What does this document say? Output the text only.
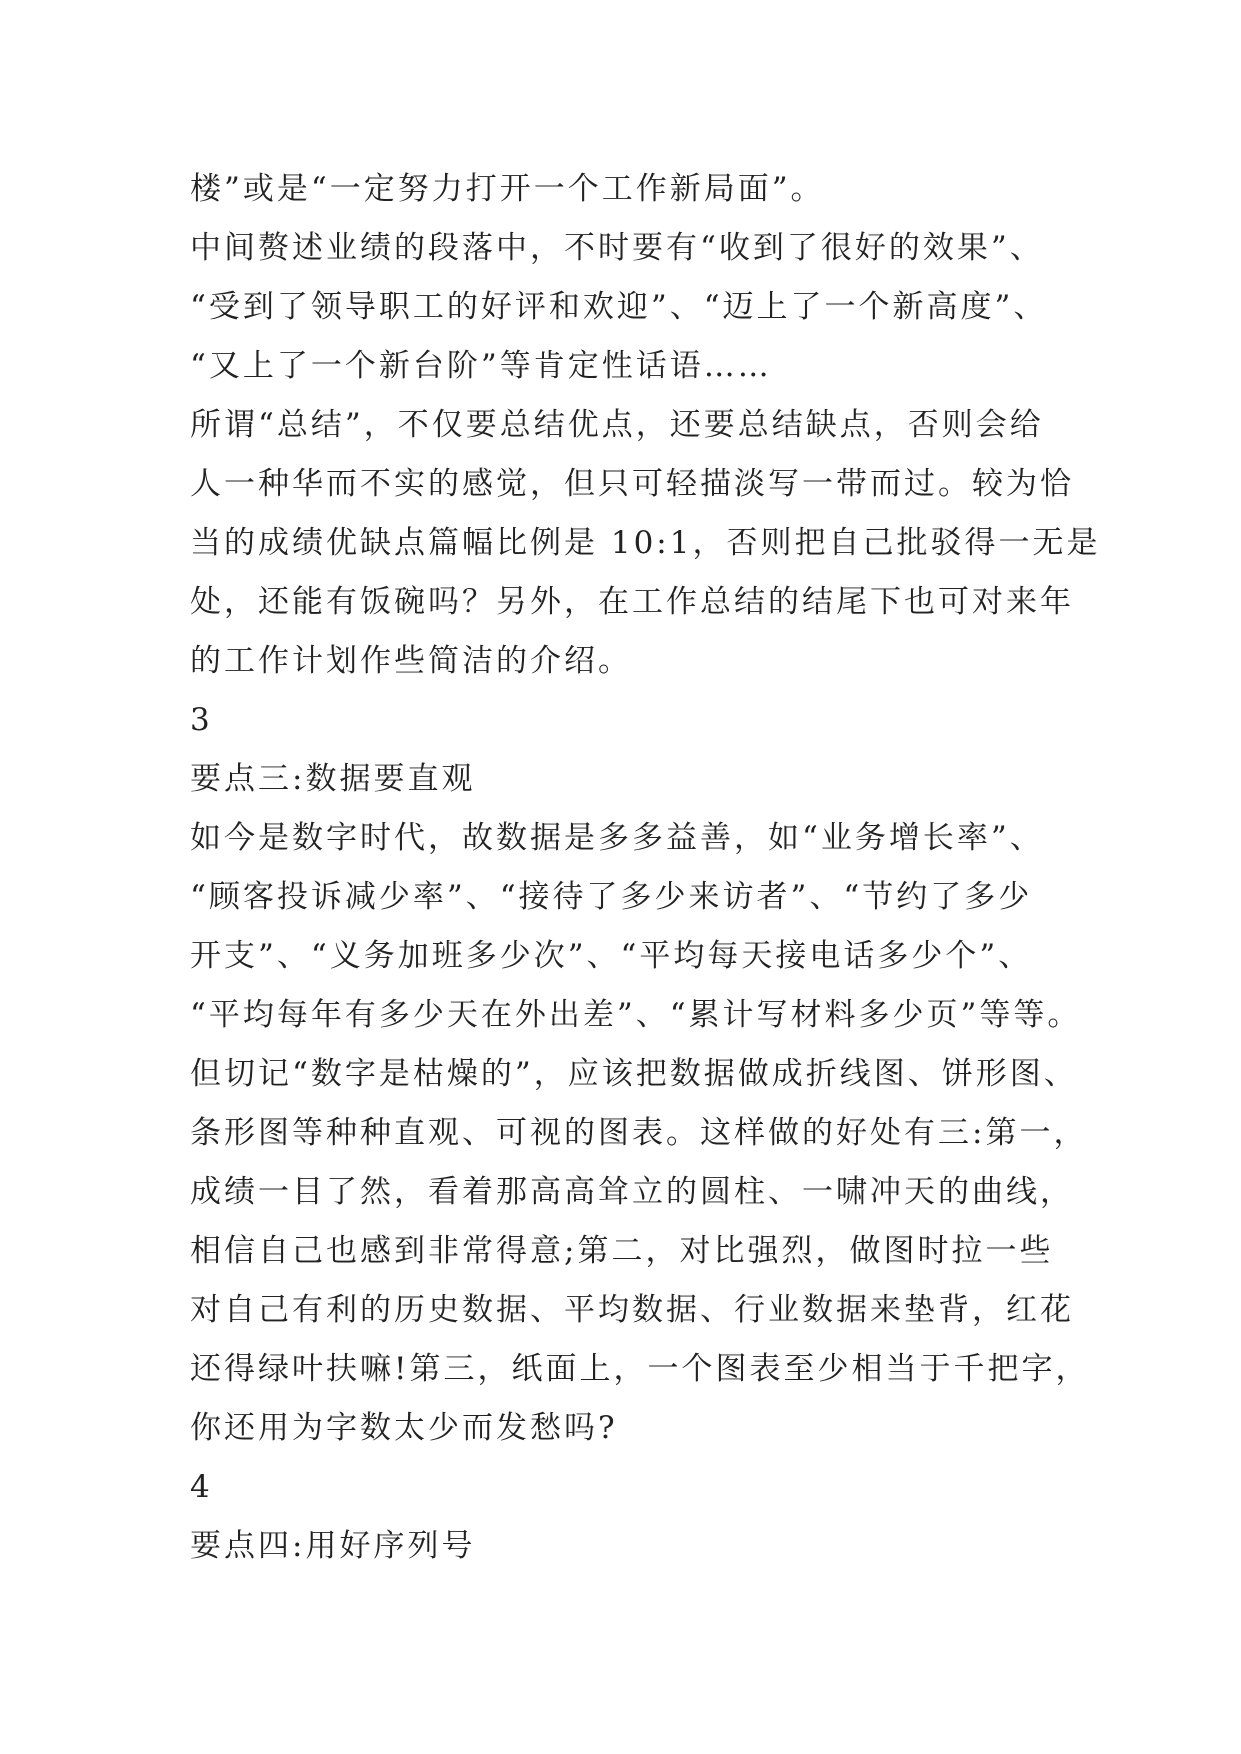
楼”或是“一定努力打开一个工作新局面”。
中间赘述业绩的段落中，不时要有“收到了很好的效果”、
“受到了领导职工的好评和欢迎”、“迈上了一个新高度”、
“又上了一个新台阶”等肯定性话语……
所谓“总结”，不仅要总结优点，还要总结缺点，否则会给
人一种华而不实的感觉，但只可轻描淡写一带而过。较为恰
当的成绩优缺点篇幅比例是 10:1，否则把自己批驳得一无是
处，还能有饭碗吗？另外，在工作总结的结尾下也可对来年
的工作计划作些简洁的介绍。
3
要点三:数据要直观
如今是数字时代，故数据是多多益善，如“业务增长率”、
“顾客投诉减少率”、“接待了多少来访者”、“节约了多少
开支”、“义务加班多少次”、“平均每天接电话多少个”、
“平均每年有多少天在外出差”、“累计写材料多少页”等等。
但切记“数字是枯燥的”，应该把数据做成折线图、饼形图、
条形图等种种直观、可视的图表。这样做的好处有三:第一，
成绩一目了然，看着那高高耸立的圆柱、一啸冲天的曲线，
相信自己也感到非常得意;第二，对比强烈，做图时拉一些
对自己有利的历史数据、平均数据、行业数据来垫背，红花
还得绿叶扶嘛!第三，纸面上，一个图表至少相当于千把字，
你还用为字数太少而发愁吗?
4
要点四:用好序列号
